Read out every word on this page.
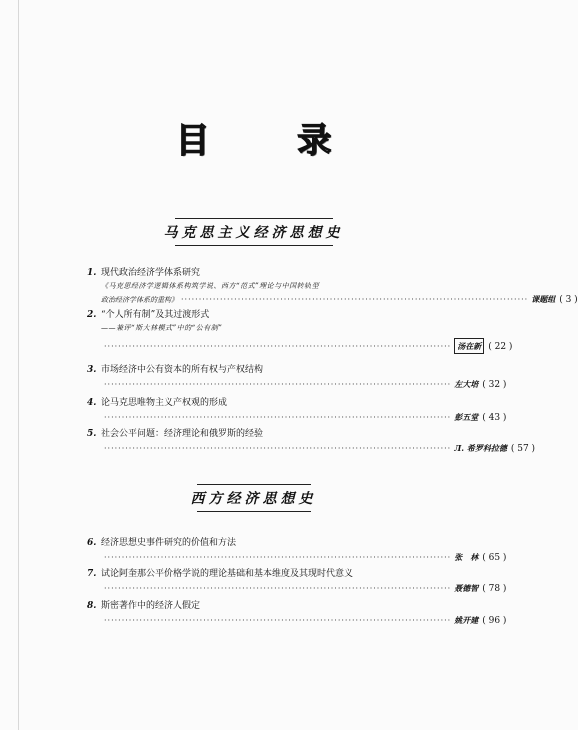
目 录
马克思主义经济思想史
1. 现代政治经济学体系研究
《马克思经济学逻辑体系构筑学说、西方“范式”理论与中国转轨型
政治经济学体系的重构》 ·································································································· 课题组 ( 3 )
2. “个人所有制”及其过渡形式
——兼评“斯大林模式”中的“公有制”
·································································································· 汤在新 ( 22 )
3. 市场经济中公有资本的所有权与产权结构
·································································································· 左大培 ( 32 )
4. 论马克思唯物主义产权观的形成
·································································································· 彭五堂 ( 43 )
5. 社会公平问题：经济理论和俄罗斯的经验
·································································································· Л. 希罗科拉德 ( 57 )
西方经济思想史
6. 经济思想史事件研究的价值和方法
·································································································· 张　林 ( 65 )
7. 试论阿奎那公平价格学说的理论基础和基本维度及其现时代意义
·································································································· 聂德智 ( 78 )
8. 斯密著作中的经济人假定
·································································································· 姚开建 ( 96 )
